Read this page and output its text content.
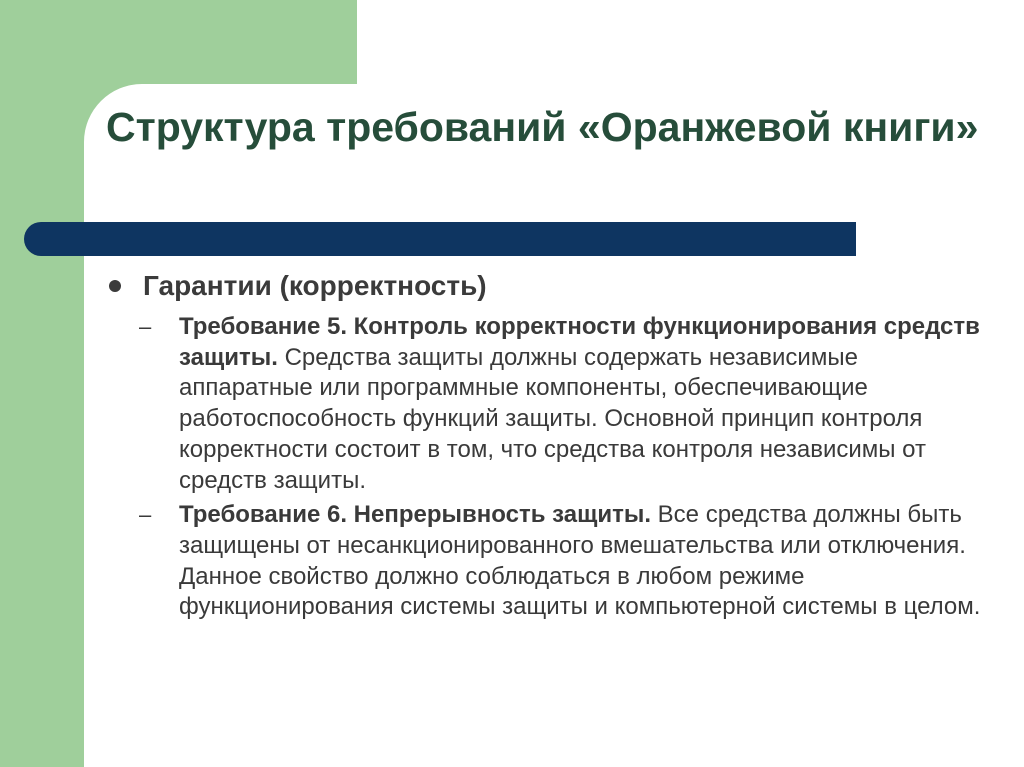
Структура требований «Оранжевой книги»
Гарантии (корректность)
– Требование 5. Контроль корректности функционирования средств защиты. Средства защиты должны содержать независимые аппаратные или программные компоненты, обеспечивающие работоспособность функций защиты. Основной принцип контроля корректности состоит в том, что средства контроля независимы от средств защиты.
– Требование 6. Непрерывность защиты. Все средства должны быть защищены от несанкционированного вмешательства или отключения. Данное свойство должно соблюдаться в любом режиме функционирования системы защиты и компьютерной системы в целом.
